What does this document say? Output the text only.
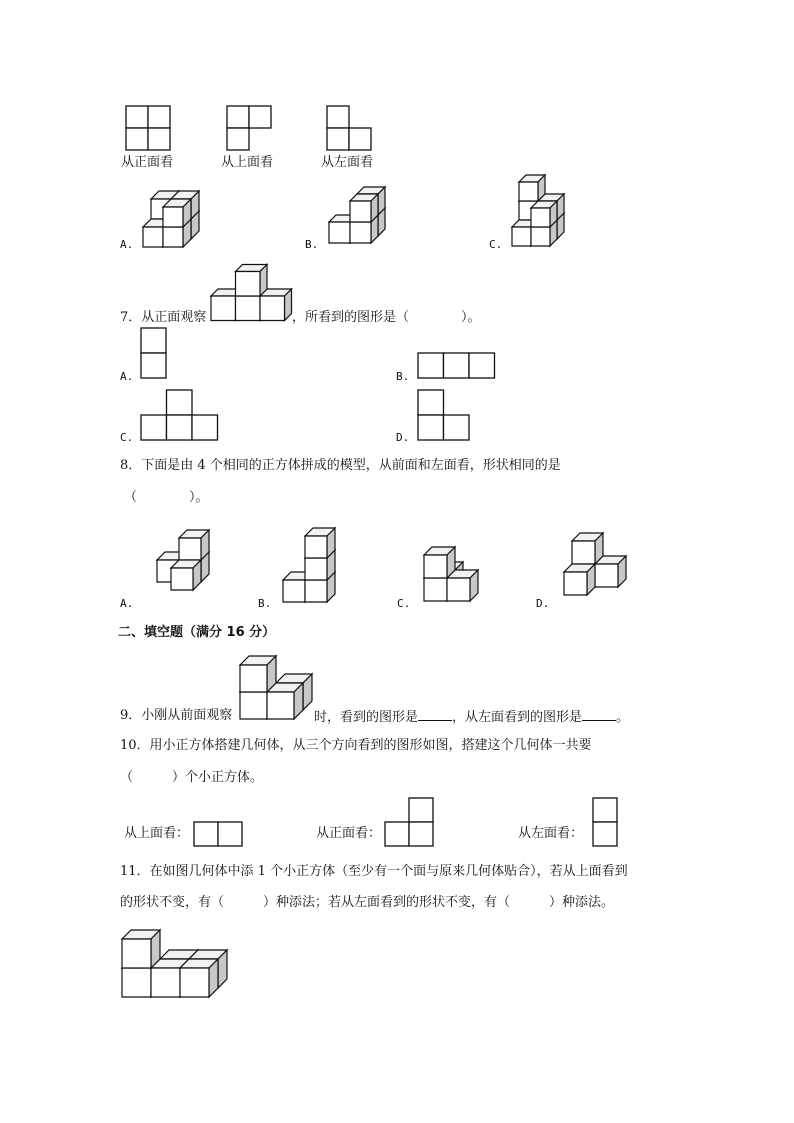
从正面看	从上面看	从左面看
A.	B.	C.
7．从正面观察	，所看到的图形是（　　　　）。
A.	B.
C.	D.
8．下面是由 4 个相同的正方体拼成的模型，从前面和左面看，形状相同的是
（　　　　）。
A.	B.	C.	D.
二、填空题（满分 16 分）
9．小刚从前面观察	时，看到的图形是	，从左面看到的图形是	。
10．用小正方体搭建几何体，从三个方向看到的图形如图，搭建这个几何体一共要
（　　　）个小正方体。
从上面看：	从正面看：	从左面看：
11．在如图几何体中添 1 个小正方体（至少有一个面与原来几何体贴合），若从上面看到
的形状不变，有（　　　）种添法；若从左面看到的形状不变，有（　　　）种添法。
